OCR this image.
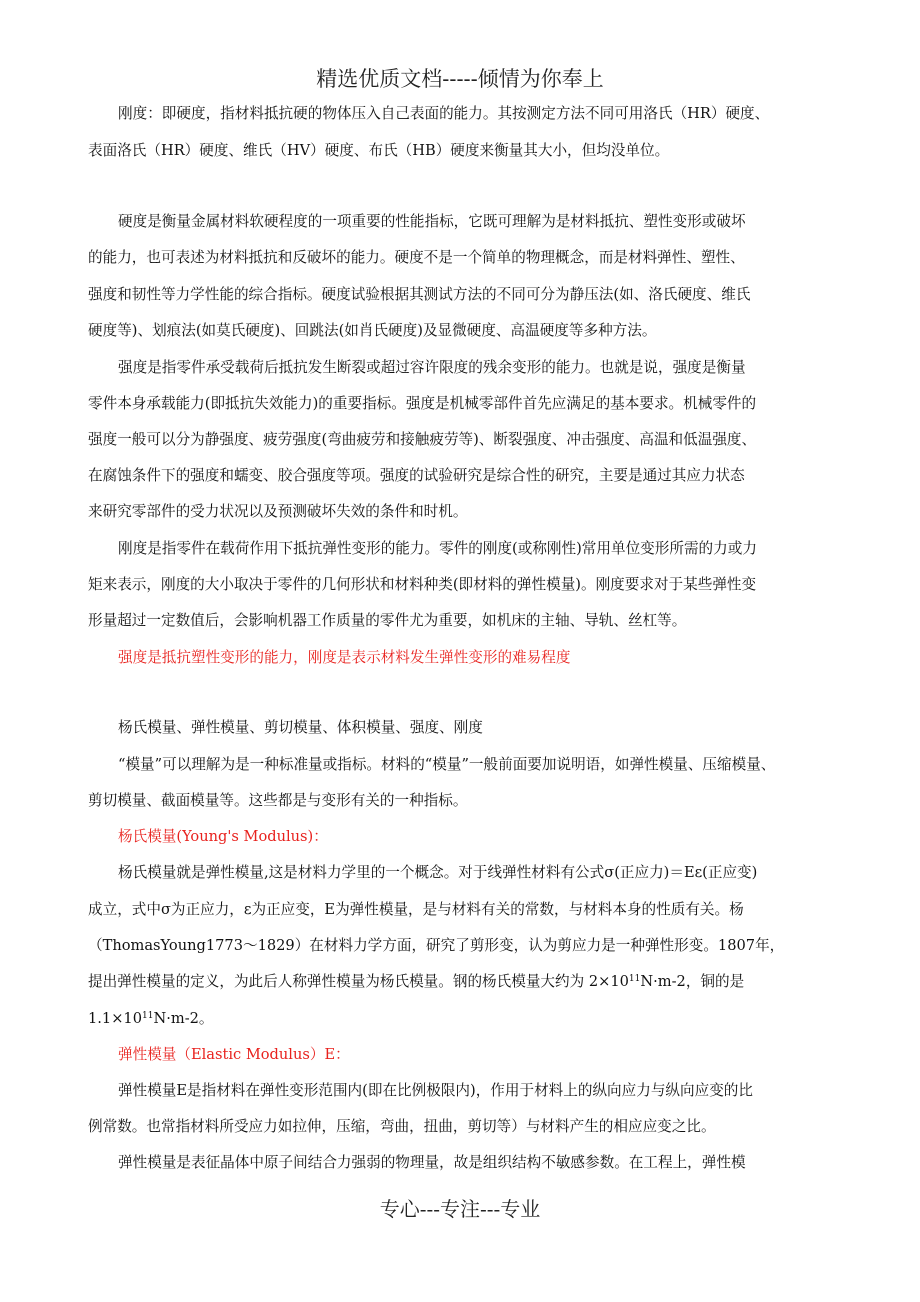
精选优质文档-----倾情为你奉上
刚度：即硬度，指材料抵抗硬的物体压入自己表面的能力。其按测定方法不同可用洛氏（HR）硬度、
表面洛氏（HR）硬度、维氏（HV）硬度、布氏（HB）硬度来衡量其大小，但均没单位。
硬度是衡量金属材料软硬程度的一项重要的性能指标，它既可理解为是材料抵抗、塑性变形或破坏
的能力，也可表述为材料抵抗和反破坏的能力。硬度不是一个简单的物理概念，而是材料弹性、塑性、
强度和韧性等力学性能的综合指标。硬度试验根据其测试方法的不同可分为静压法(如、洛氏硬度、维氏
硬度等)、划痕法(如莫氏硬度)、回跳法(如肖氏硬度)及显微硬度、高温硬度等多种方法。
强度是指零件承受载荷后抵抗发生断裂或超过容许限度的残余变形的能力。也就是说，强度是衡量
零件本身承载能力(即抵抗失效能力)的重要指标。强度是机械零部件首先应满足的基本要求。机械零件的
强度一般可以分为静强度、疲劳强度(弯曲疲劳和接触疲劳等)、断裂强度、冲击强度、高温和低温强度、
在腐蚀条件下的强度和蠕变、胶合强度等项。强度的试验研究是综合性的研究，主要是通过其应力状态
来研究零部件的受力状况以及预测破坏失效的条件和时机。
刚度是指零件在载荷作用下抵抗弹性变形的能力。零件的刚度(或称刚性)常用单位变形所需的力或力
矩来表示，刚度的大小取决于零件的几何形状和材料种类(即材料的弹性模量)。刚度要求对于某些弹性变
形量超过一定数值后，会影响机器工作质量的零件尤为重要，如机床的主轴、导轨、丝杠等。
强度是抵抗塑性变形的能力，刚度是表示材料发生弹性变形的难易程度
杨氏模量、弹性模量、剪切模量、体积模量、强度、刚度
“模量”可以理解为是一种标准量或指标。材料的“模量”一般前面要加说明语，如弹性模量、压缩模量、
剪切模量、截面模量等。这些都是与变形有关的一种指标。
杨氏模量(Young's Modulus)：
杨氏模量就是弹性模量,这是材料力学里的一个概念。对于线弹性材料有公式σ(正应力)＝Eε(正应变)
成立，式中σ为正应力，ε为正应变，E为弹性模量，是与材料有关的常数，与材料本身的性质有关。杨
（ThomasYoung1773～1829）在材料力学方面，研究了剪形变，认为剪应力是一种弹性形变。1807年，
提出弹性模量的定义，为此后人称弹性模量为杨氏模量。钢的杨氏模量大约为 $2\times 10^{11}N\cdot m-2$，铜的是
$1.1\times 10^{11}N\cdot m-2$。
弹性模量（Elastic Modulus）E：
弹性模量E是指材料在弹性变形范围内(即在比例极限内)，作用于材料上的纵向应力与纵向应变的比
例常数。也常指材料所受应力如拉伸，压缩，弯曲，扭曲，剪切等）与材料产生的相应应变之比。
弹性模量是表征晶体中原子间结合力强弱的物理量，故是组织结构不敏感参数。在工程上，弹性模
专心---专注---专业
